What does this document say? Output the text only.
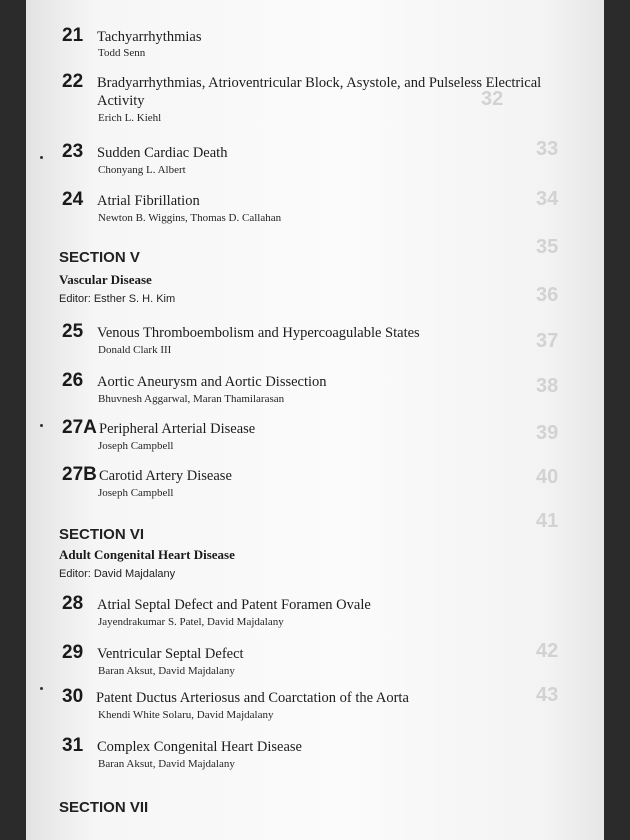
32
33
34
35
36
37
38
39
40
41
42
43
21 Tachyarrhythmias
Todd Senn
22 Bradyarrhythmias, Atrioventricular Block, Asystole, and Pulseless Electrical Activity
Erich L. Kiehl
23 Sudden Cardiac Death
Chonyang L. Albert
24 Atrial Fibrillation
Newton B. Wiggins, Thomas D. Callahan
SECTION V
Vascular Disease
Editor: Esther S. H. Kim
25 Venous Thromboembolism and Hypercoagulable States
Donald Clark III
26 Aortic Aneurysm and Aortic Dissection
Bhuvnesh Aggarwal, Maran Thamilarasan
27A Peripheral Arterial Disease
Joseph Campbell
27B Carotid Artery Disease
Joseph Campbell
SECTION VI
Adult Congenital Heart Disease
Editor: David Majdalany
28 Atrial Septal Defect and Patent Foramen Ovale
Jayendrakumar S. Patel, David Majdalany
29 Ventricular Septal Defect
Baran Aksut, David Majdalany
30 Patent Ductus Arteriosus and Coarctation of the Aorta
Khendi White Solaru, David Majdalany
31 Complex Congenital Heart Disease
Baran Aksut, David Majdalany
SECTION VII
